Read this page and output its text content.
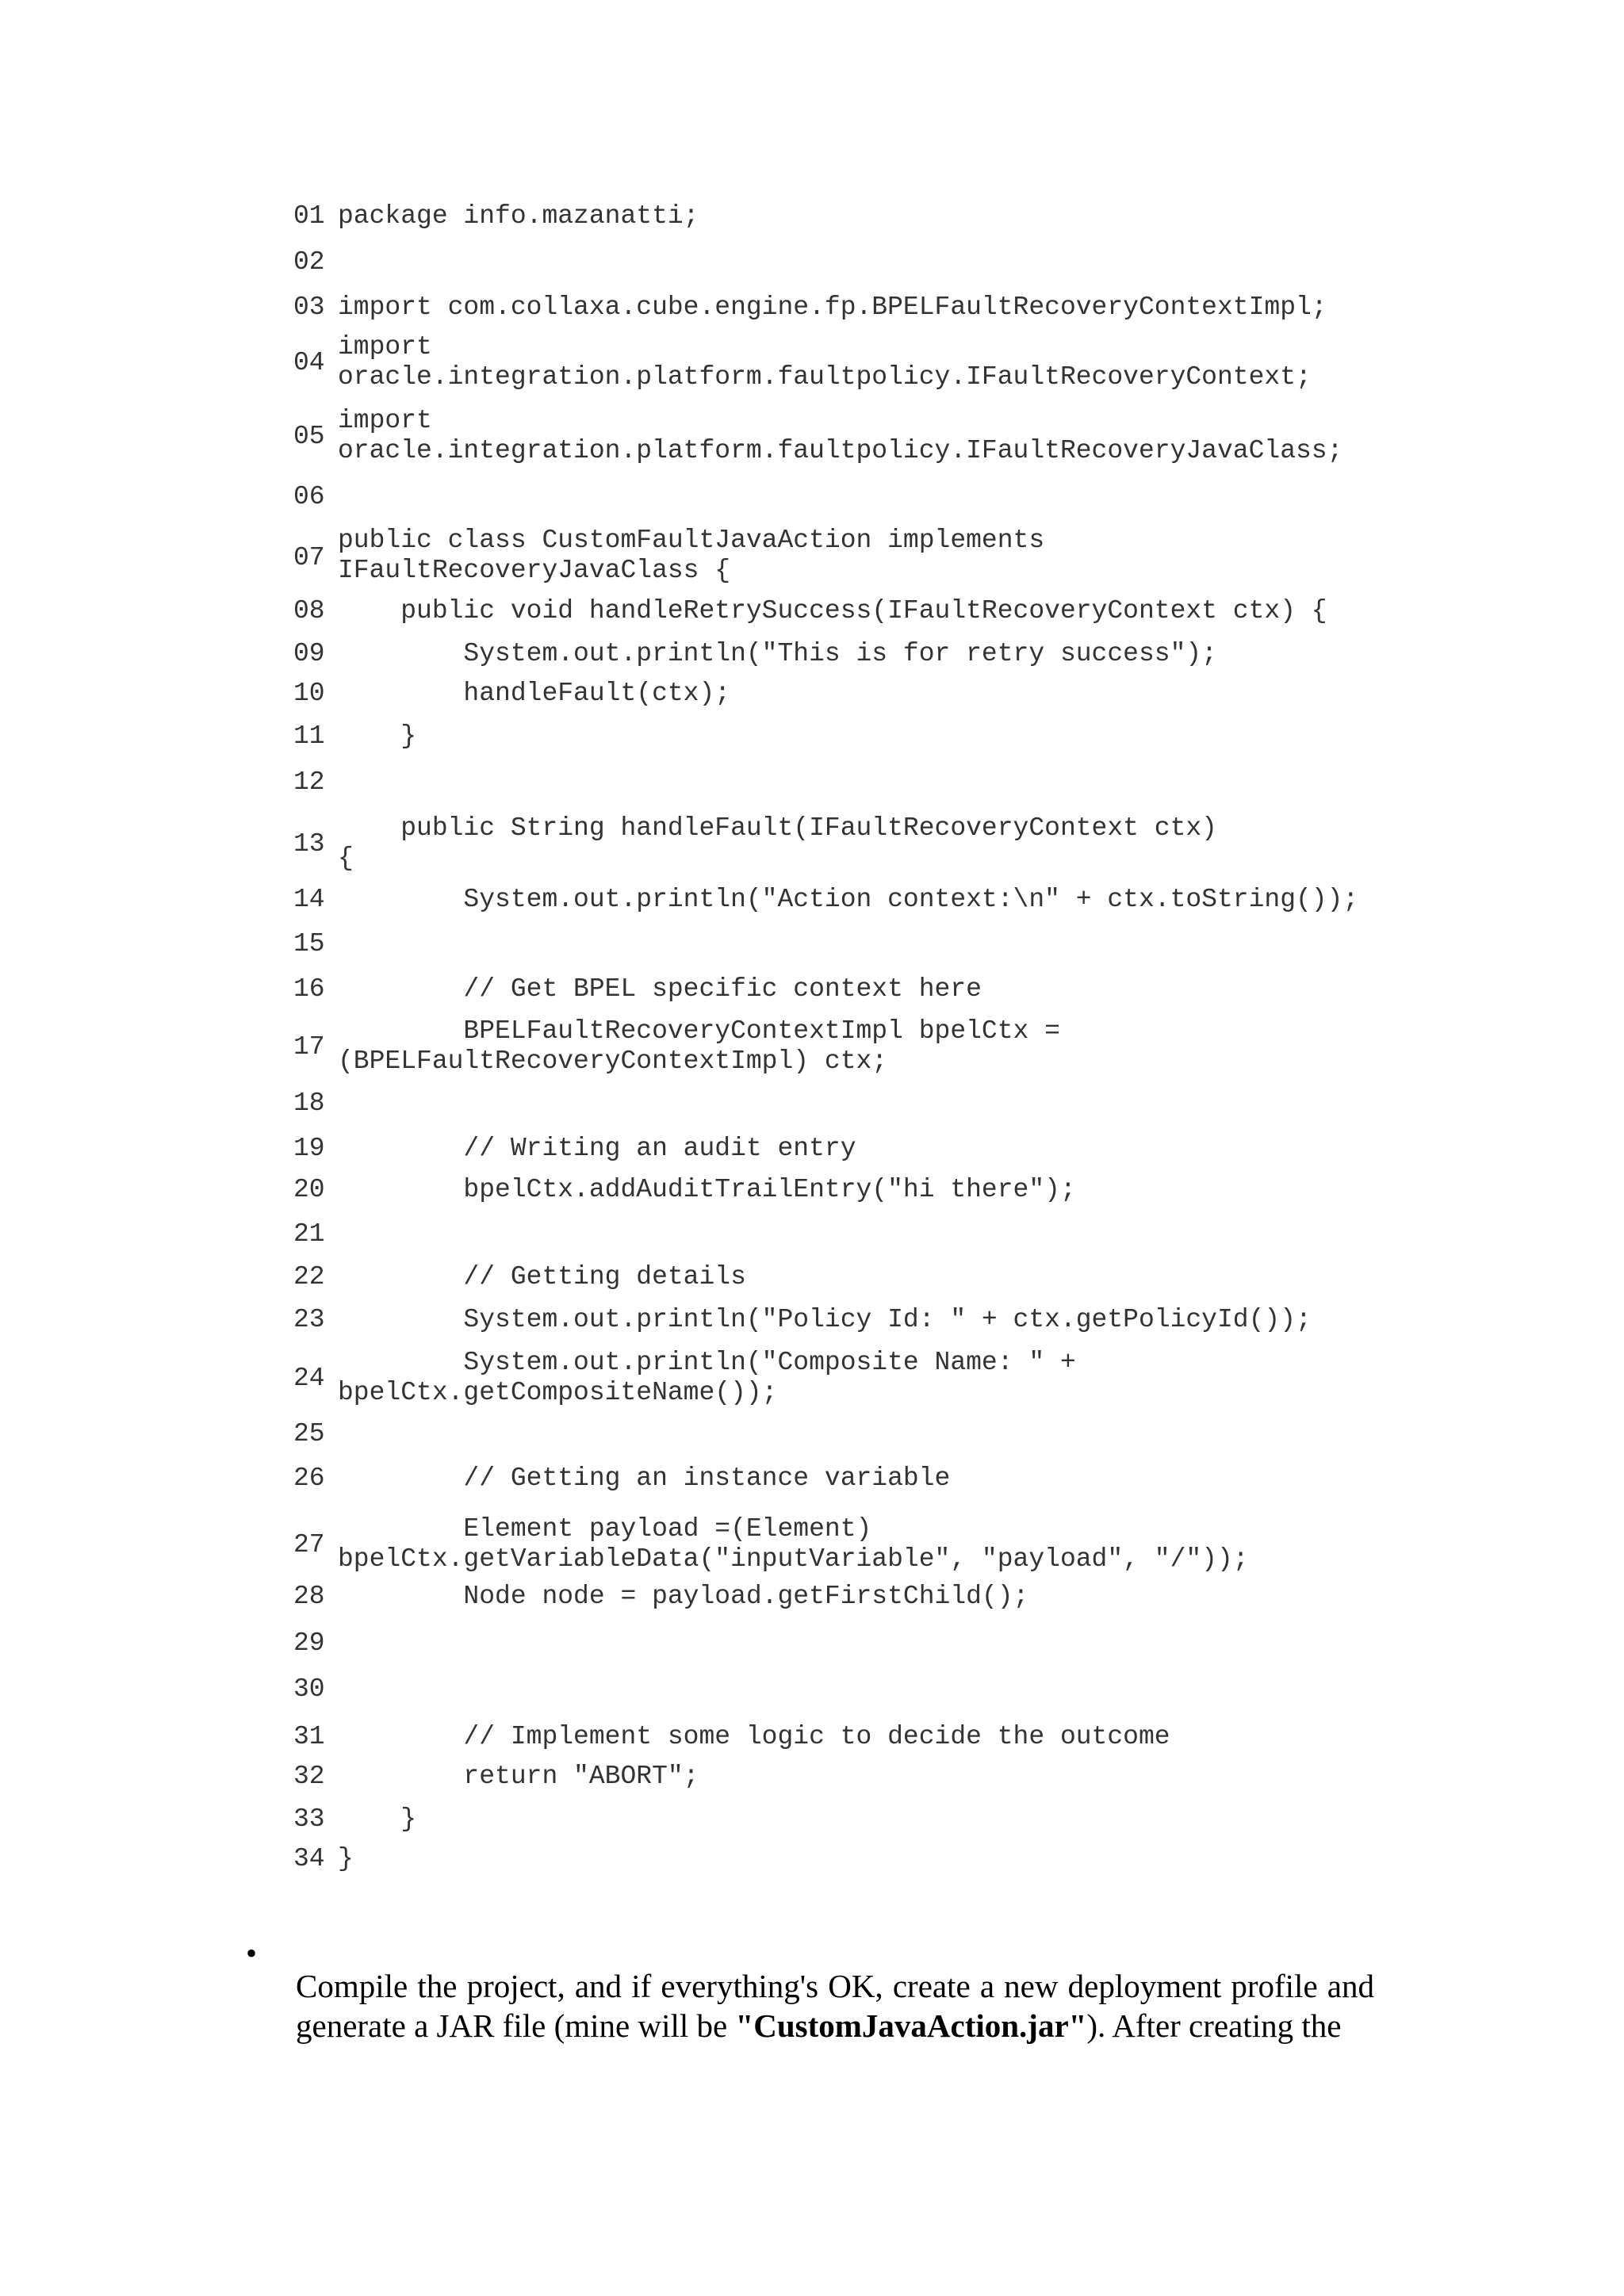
01 package info.mazanatti;
02
03 import com.collaxa.cube.engine.fp.BPELFaultRecoveryContextImpl;
04
import
oracle.integration.platform.faultpolicy.IFaultRecoveryContext;
05
import
oracle.integration.platform.faultpolicy.IFaultRecoveryJavaClass;
06
07
public class CustomFaultJavaAction implements
IFaultRecoveryJavaClass {
08 public void handleRetrySuccess(IFaultRecoveryContext ctx) {
09 System.out.println("This is for retry success");
10 handleFault(ctx);
11 }
12
13
public String handleFault(IFaultRecoveryContext ctx)
{
14 System.out.println("Action context:\n" + ctx.toString());
15
16 // Get BPEL specific context here
17
BPELFaultRecoveryContextImpl bpelCtx =
(BPELFaultRecoveryContextImpl) ctx;
18
19 // Writing an audit entry
20 bpelCtx.addAuditTrailEntry("hi there");
21
22 // Getting details
23 System.out.println("Policy Id: " + ctx.getPolicyId());
24
System.out.println("Composite Name: " +
bpelCtx.getCompositeName());
25
26 // Getting an instance variable
27
Element payload =(Element)
bpelCtx.getVariableData("inputVariable", "payload", "/"));
28 Node node = payload.getFirstChild();
29
30
31 // Implement some logic to decide the outcome
32 return "ABORT";
33 }
34 }
•
Compile the project, and if everything's OK, create a new deployment profile and generate a JAR file (mine will be "CustomJavaAction.jar"). After creating the
